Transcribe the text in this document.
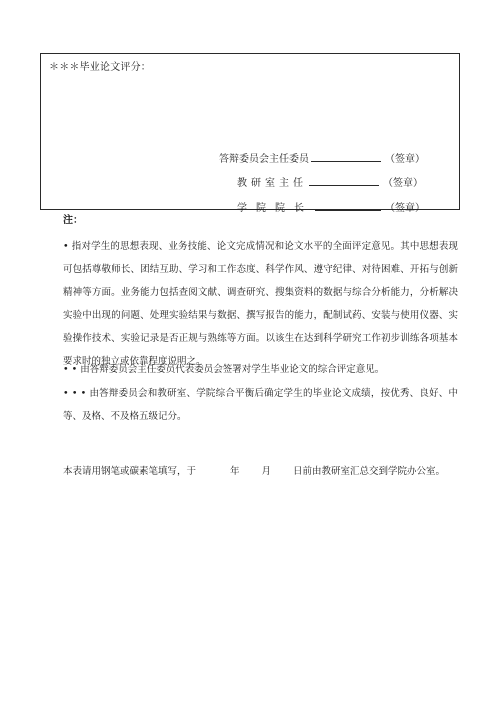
＊＊＊毕业论文评分：
答辩委员会主任委员	（签章）
教研室主任	（签章）
学院院长	（签章）
注：
• 指对学生的思想表现、业务技能、论文完成情况和论文水平的全面评定意见。其中思想表现可包括尊敬师长、团结互助、学习和工作态度、科学作风、遵守纪律、对待困难、开拓与创新精神等方面。业务能力包括查阅文献、调查研究、搜集资料的数据与综合分析能力，分析解决实验中出现的问题、处理实验结果与数据、撰写报告的能力，配制试药、安装与使用仪器、实验操作技术、实验记录是否正规与熟练等方面。以该生在达到科学研究工作初步训练各项基本要求时的独立或依靠程度说明之。
• • 由答辩委员会主任委员代表委员会签署对学生毕业论文的综合评定意见。
• • • 由答辩委员会和教研室、学院综合平衡后确定学生的毕业论文成绩，按优秀、良好、中等、及格、不及格五级记分。
本表请用钢笔或碳素笔填写，于	年 月 日前由教研室汇总交到学院办公室。
